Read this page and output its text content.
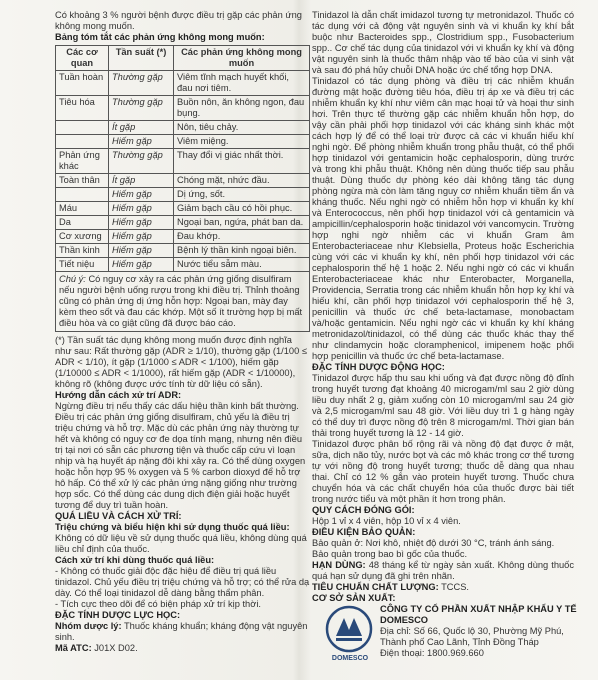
Có khoảng 3 % người bệnh được điều trị gặp các phản ứng không mong muốn.

Bảng tóm tắt các phản ứng không mong muốn:

Các cơ quan	Tần suất (*)	Các phản ứng không mong muốn
Tuần hoàn	Thường gặp	Viêm tĩnh mạch huyết khối, đau nơi tiêm.
Tiêu hóa	Thường gặp	Buồn nôn, ăn không ngon, đau bụng.
	Ít gặp	Nôn, tiêu chảy.
	Hiếm gặp	Viêm miệng.
Phản ứng khác	Thường gặp	Thay đổi vị giác nhất thời.
Toàn thân	Ít gặp	Chóng mặt, nhức đầu.
	Hiếm gặp	Dị ứng, sốt.
Máu	Hiếm gặp	Giảm bạch cầu có hồi phục.
Da	Hiếm gặp	Ngoại ban, ngứa, phát ban da.
Cơ xương	Hiếm gặp	Đau khớp.
Thần kinh	Hiếm gặp	Bệnh lý thần kinh ngoại biên.
Tiết niệu	Hiếm gặp	Nước tiểu sẫm màu.
Chú ý: Có nguy cơ xảy ra các phản ứng giống disulfiram nếu người bệnh uống rượu trong khi điều trị. Thỉnh thoảng cũng có phản ứng dị ứng hỗn hợp: Ngoại ban, mày đay kèm theo sốt và đau các khớp. Một số ít trường hợp bị mất điều hòa và co giật cũng đã được báo cáo.

(*) Tần suất tác dụng không mong muốn được định nghĩa như sau: Rất thường gặp (ADR ≥ 1/10), thường gặp (1/100 ≤ ADR < 1/10), ít gặp (1/1000 ≤ ADR < 1/100), hiếm gặp (1/10000 ≤ ADR < 1/1000), rất hiếm gặp (ADR < 1/10000), không rõ (không được ước tính từ dữ liệu có sẵn).

Hướng dẫn cách xử trí ADR:

Ngừng điều trị nếu thấy các dấu hiệu thần kinh bất thường.

Điều trị các phản ứng giống disulfiram, chủ yếu là điều trị triệu chứng và hỗ trợ. Mặc dù các phản ứng này thường tự hết và không có nguy cơ đe dọa tính mạng, nhưng nên điều trị tại nơi có sẵn các phương tiện và thuốc cấp cứu vì loạn nhịp và hạ huyết áp nặng đôi khi xảy ra. Có thể dùng oxygen hoặc hỗn hợp 95 % oxygen và 5 % carbon dioxyd để hỗ trợ hô hấp. Có thể xử lý các phản ứng nặng giống như trường hợp sốc. Có thể dùng các dung dịch điện giải hoặc huyết tương để duy trì tuần hoàn.

QUÁ LIỀU VÀ CÁCH XỬ TRÍ:

Triệu chứng và biểu hiện khi sử dụng thuốc quá liều:

Không có dữ liệu về sử dụng thuốc quá liều, không dùng quá liều chỉ định của thuốc.

Cách xử trí khi dùng thuốc quá liều:

- Không có thuốc giải độc đặc hiệu để điều trị quá liều tinidazol. Chủ yếu điều trị triệu chứng và hỗ trợ; có thể rửa dạ dày. Có thể loại tinidazol dễ dàng bằng thẩm phân.

- Tích cực theo dõi để có biện pháp xử trí kịp thời.

ĐẶC TÍNH DƯỢC LỰC HỌC:

Nhóm dược lý: Thuốc kháng khuẩn; kháng động vật nguyên sinh.

Mã ATC: J01X D02.

Tinidazol là dẫn chất imidazol tương tự metronidazol. Thuốc có tác dụng với cả động vật nguyên sinh và vi khuẩn kỵ khí bắt buộc như Bacteroides spp., Clostridium spp., Fusobacterium spp.. Cơ chế tác dụng của tinidazol với vi khuẩn kỵ khí và động vật nguyên sinh là thuốc thâm nhập vào tế bào của vi sinh vật và sau đó phá hủy chuỗi DNA hoặc ức chế tổng hợp DNA.

Tinidazol có tác dụng phòng và điều trị các nhiễm khuẩn đường mật hoặc đường tiêu hóa, điều trị áp xe và điều trị các nhiễm khuẩn kỵ khí như viêm cân mạc hoại tử và hoại thư sinh hơi. Trên thực tế thường gặp các nhiễm khuẩn hỗn hợp, do vậy cần phải phối hợp tinidazol với các kháng sinh khác một cách hợp lý để có thể loại trừ được cả các vi khuẩn hiếu khí nghi ngờ. Để phòng nhiễm khuẩn trong phẫu thuật, có thể phối hợp tinidazol với gentamicin hoặc cephalosporin, dùng trước và trong khi phẫu thuật. Không nên dùng thuốc tiếp sau phẫu thuật. Dùng thuốc dự phòng kéo dài không tăng tác dụng phòng ngừa mà còn làm tăng nguy cơ nhiễm khuẩn tiềm ẩn và kháng thuốc. Nếu nghi ngờ có nhiễm hỗn hợp vi khuẩn kỵ khí và Enterococcus, nên phối hợp tinidazol với cả gentamicin và ampicillin/cephalosporin hoặc tinidazol với vancomycin. Trường hợp nghi ngờ nhiễm các vi khuẩn Gram âm Enterobacteriaceae như Klebsiella, Proteus hoặc Escherichia cùng với các vi khuẩn kỵ khí, nên phối hợp tinidazol với các cephalosporin thế hệ 1 hoặc 2. Nếu nghi ngờ có các vi khuẩn Enterobacteriaceae khác như Enterobacter, Morganella, Providencia, Serratia trong các nhiễm khuẩn hỗn hợp kỵ khí và hiếu khí, cần phối hợp tinidazol với cephalosporin thế hệ 3, penicillin và thuốc ức chế beta-lactamase, monobactam và/hoặc gentamicin. Nếu nghi ngờ các vi khuẩn kỵ khí kháng metronidazol/tinidazol, có thể dùng các thuốc khác thay thế như clindamycin hoặc cloramphenicol, imipenem hoặc phối hợp penicillin và thuốc ức chế beta-lactamase.

ĐẶC TÍNH DƯỢC ĐỘNG HỌC:

Tinidazol được hấp thu sau khi uống và đạt được nồng độ đỉnh trong huyết tương đạt khoảng 40 microgam/ml sau 2 giờ dùng liều duy nhất 2 g, giảm xuống còn 10 microgam/ml sau 24 giờ và 2,5 microgam/ml sau 48 giờ. Với liều duy trì 1 g hàng ngày có thể duy trì được nồng độ trên 8 microgam/ml. Thời gian bán thải trong huyết tương là 12 - 14 giờ.

Tinidazol được phân bố rộng rãi và nồng độ đạt được ở mật, sữa, dịch não tủy, nước bọt và các mô khác trong cơ thể tương tự với nồng độ trong huyết tương; thuốc dễ dàng qua nhau thai. Chỉ có 12 % gắn vào protein huyết tương. Thuốc chưa chuyển hóa và các chất chuyển hóa của thuốc được bài tiết trong nước tiểu và một phần ít hơn trong phân.

QUY CÁCH ĐÓNG GÓI:

Hộp 1 vỉ x 4 viên, hộp 10 vỉ x 4 viên.

ĐIỀU KIỆN BẢO QUẢN:

Bảo quản ở: Nơi khô, nhiệt độ dưới 30 °C, tránh ánh sáng.

Bảo quản trong bao bì gốc của thuốc.

HẠN DÙNG: 48 tháng kể từ ngày sản xuất. Không dùng thuốc quá hạn sử dụng đã ghi trên nhãn.

TIÊU CHUẨN CHẤT LƯỢNG: TCCS.

CƠ SỞ SẢN XUẤT:

DOMESCO

CÔNG TY CỔ PHẦN XUẤT NHẬP KHẨU Y TẾ

DOMESCO

Địa chỉ: Số 66, Quốc lộ 30, Phường Mỹ Phú, Thành phố Cao Lãnh, Tỉnh Đồng Tháp

Điện thoại: 1800.969.660
